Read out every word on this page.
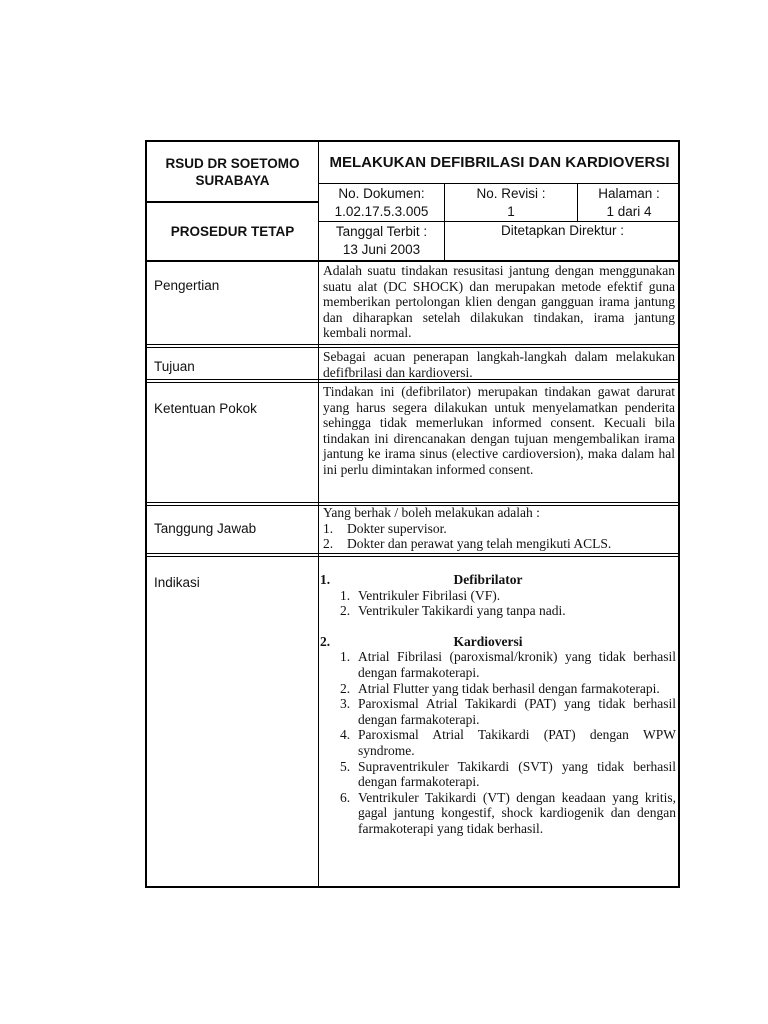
RSUD DR SOETOMO SURABAYA
MELAKUKAN DEFIBRILASI DAN KARDIOVERSI
PROSEDUR TETAP
No. Dokumen:
1.02.17.5.3.005
No. Revisi :
1
Halaman :
1 dari 4
Tanggal Terbit :
13 Juni 2003
Ditetapkan Direktur :
Pengertian
Adalah suatu tindakan resusitasi jantung dengan menggunakan suatu alat (DC SHOCK) dan merupakan metode efektif guna memberikan pertolongan klien dengan gangguan irama jantung dan diharapkan setelah dilakukan tindakan, irama jantung kembali normal.
Tujuan
Sebagai acuan penerapan langkah-langkah dalam melakukan defifbrilasi dan kardioversi.
Ketentuan Pokok
Tindakan ini (defibrilator) merupakan tindakan gawat darurat yang harus segera dilakukan untuk menyelamatkan penderita sehingga tidak memerlukan informed consent. Kecuali bila tindakan ini direncanakan dengan tujuan mengembalikan irama jantung ke irama sinus (elective cardioversion), maka dalam hal ini perlu dimintakan informed consent.
Tanggung Jawab

Yang berhak / boleh melakukan adalah :

1.	Dokter supervisor.

2.	Dokter dan perawat yang telah mengikuti ACLS.

Indikasi	1.	Defibrilator
1. Ventrikuler Fibrilasi (VF).
2. Ventrikuler Takikardi yang tanpa nadi.
2.	Kardioversi
1. Atrial Fibrilasi (paroxismal/kronik) yang tidak berhasil dengan farmakoterapi.
2. Atrial Flutter yang tidak berhasil dengan farmakoterapi.
3. Paroxismal Atrial Takikardi (PAT) yang tidak berhasil dengan farmakoterapi.
4. Paroxismal Atrial Takikardi (PAT) dengan WPW syndrome.
5. Supraventrikuler Takikardi (SVT) yang tidak berhasil dengan farmakoterapi.
6. Ventrikuler Takikardi (VT) dengan keadaan yang kritis, gagal jantung kongestif, shock kardiogenik dan dengan farmakoterapi yang tidak berhasil.
